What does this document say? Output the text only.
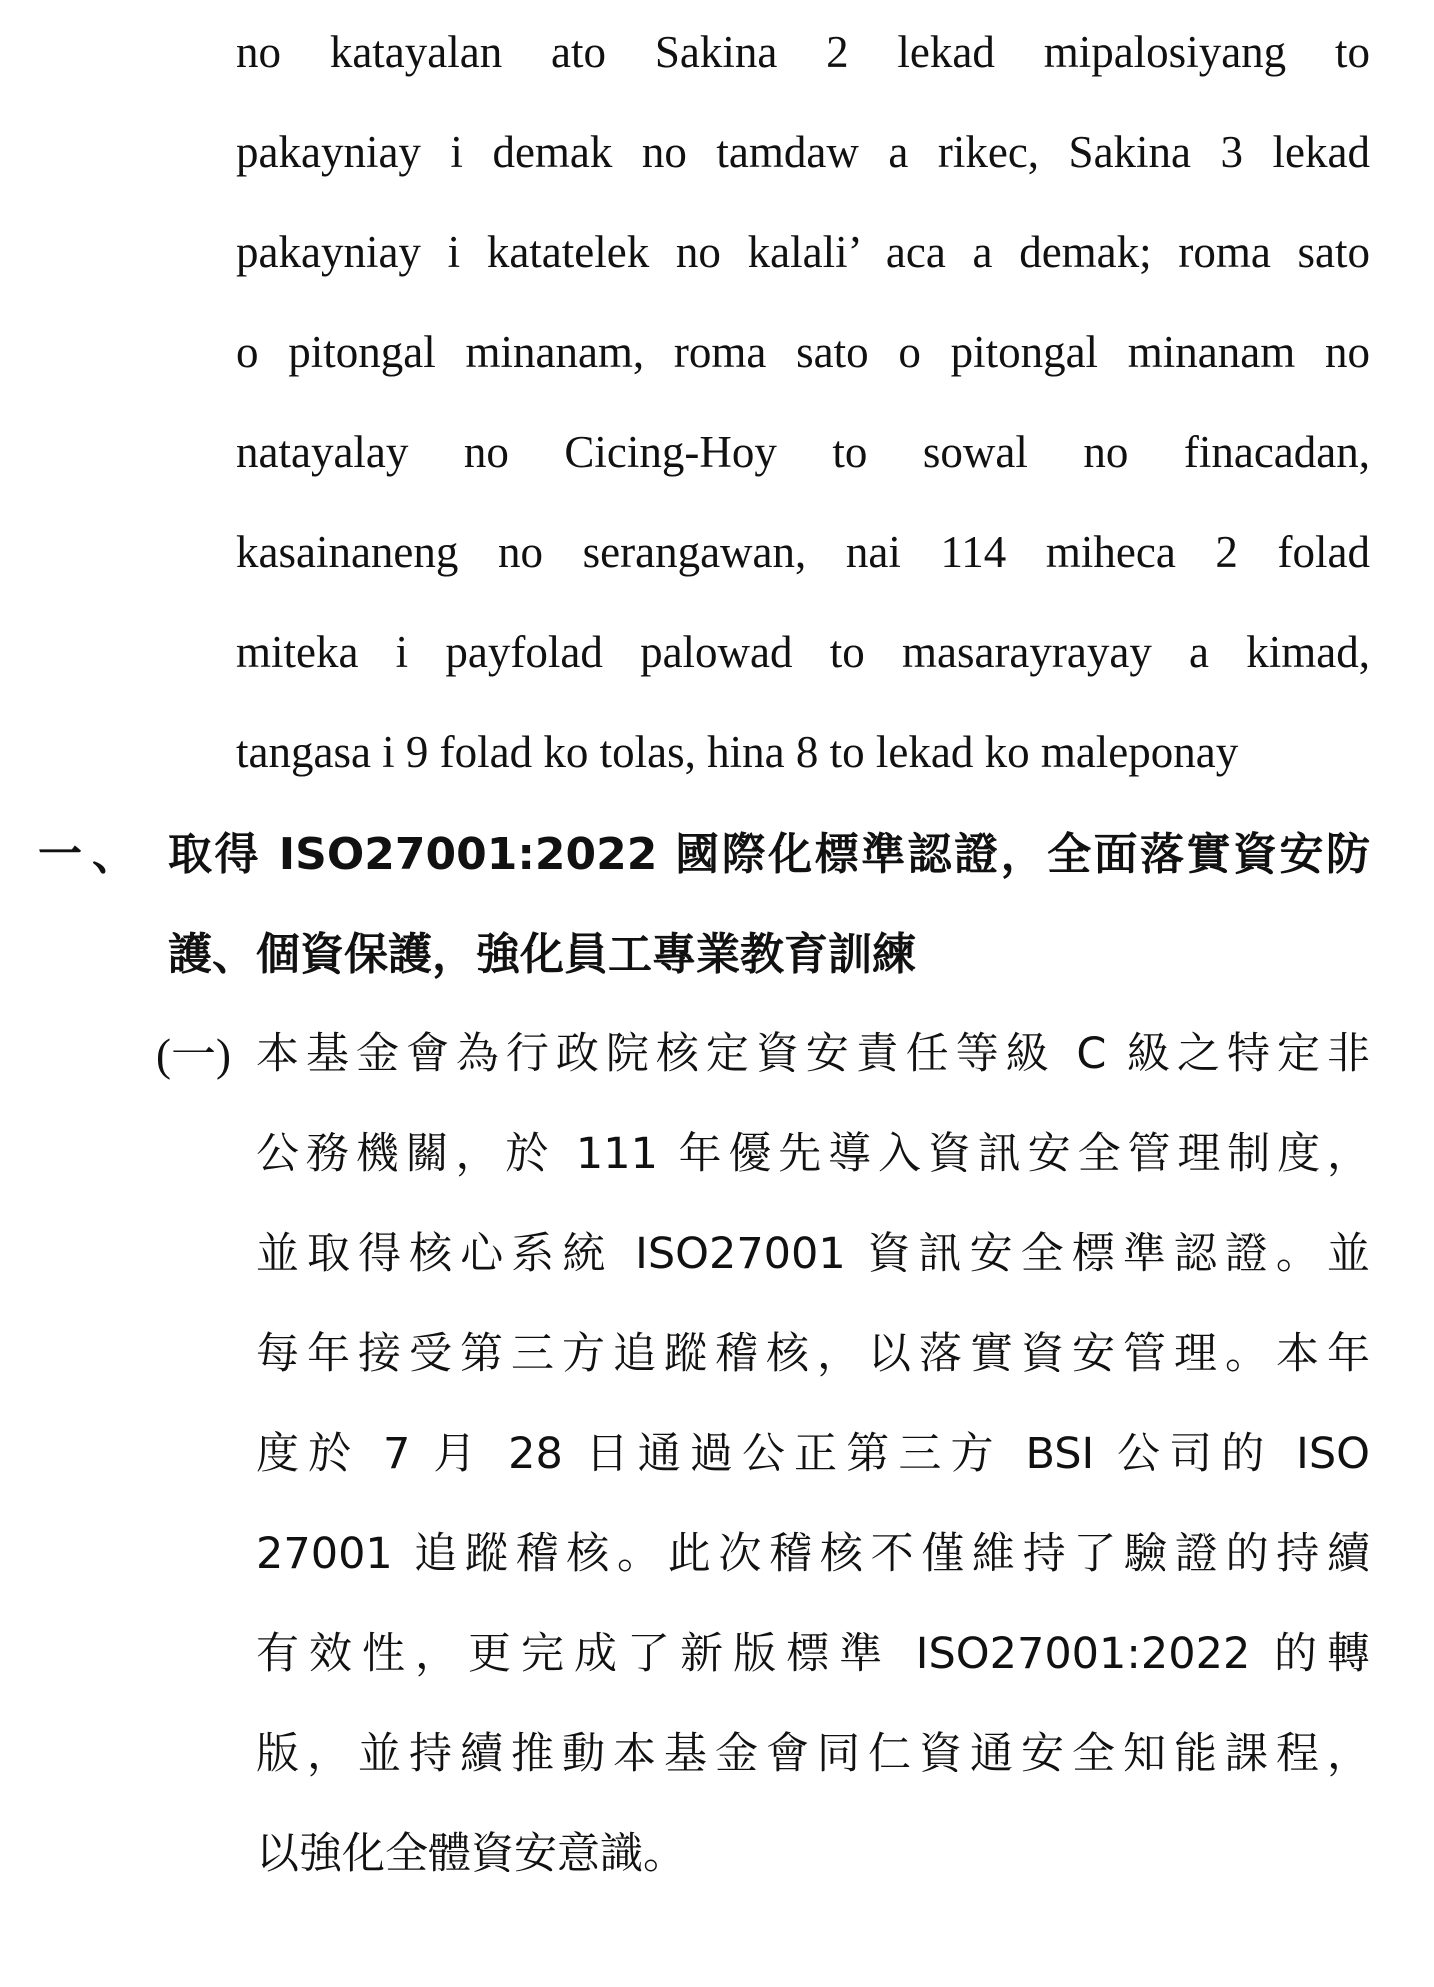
no katayalan ato Sakina 2 lekad mipalosiyang to
pakayniay i demak no tamdaw a rikec, Sakina 3 lekad
pakayniay i katatelek no kalali’ aca a demak; roma sato
o pitongal minanam, roma sato o pitongal minanam no
natayalay no Cicing-Hoy to sowal no finacadan,
kasainaneng no serangawan, nai 114 miheca 2 folad
miteka i payfolad palowad to masarayrayay a kimad,
tangasa i 9 folad ko tolas, hina 8 to lekad ko maleponay
一、 取得 ISO27001:2022 國際化標準認證，全面落實資安防
護、個資保護，強化員工專業教育訓練
(一) 本基金會為行政院核定資安責任等級 C 級之特定非
公務機關，於 111 年優先導入資訊安全管理制度，
並取得核心系統 ISO27001 資訊安全標準認證。並
每年接受第三方追蹤稽核，以落實資安管理。本年
度於 7 月 28 日通過公正第三方 BSI 公司的 ISO
27001 追蹤稽核。此次稽核不僅維持了驗證的持續
有效性，更完成了新版標準 ISO27001:2022 的轉
版，並持續推動本基金會同仁資通安全知能課程，
以強化全體資安意識。
